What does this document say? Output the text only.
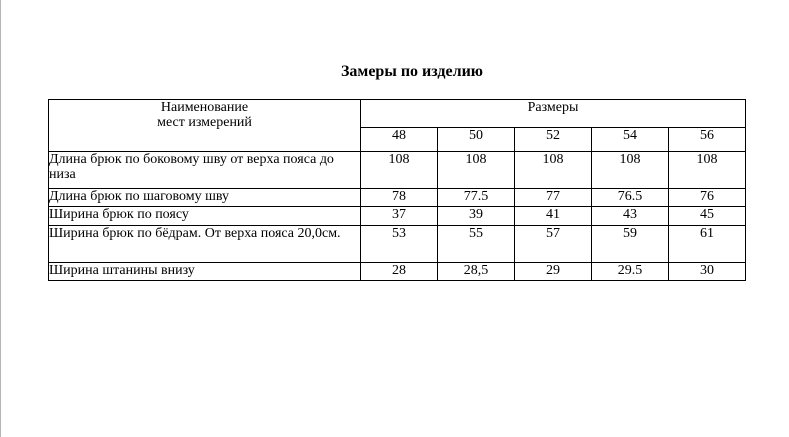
Замеры по изделию
Наименование
мест измерений	Размеры				
	48	50	52	54	56
Длина брюк по боковому шву от верха пояса до низа	108	108	108	108	108
Длина брюк по шаговому шву	78	77.5	77	76.5	76
Ширина брюк по поясу	37	39	41	43	45
Ширина брюк по бёдрам. От верха пояса 20,0см.	53	55	57	59	61
Ширина штанины внизу	28	28,5	29	29.5	30
